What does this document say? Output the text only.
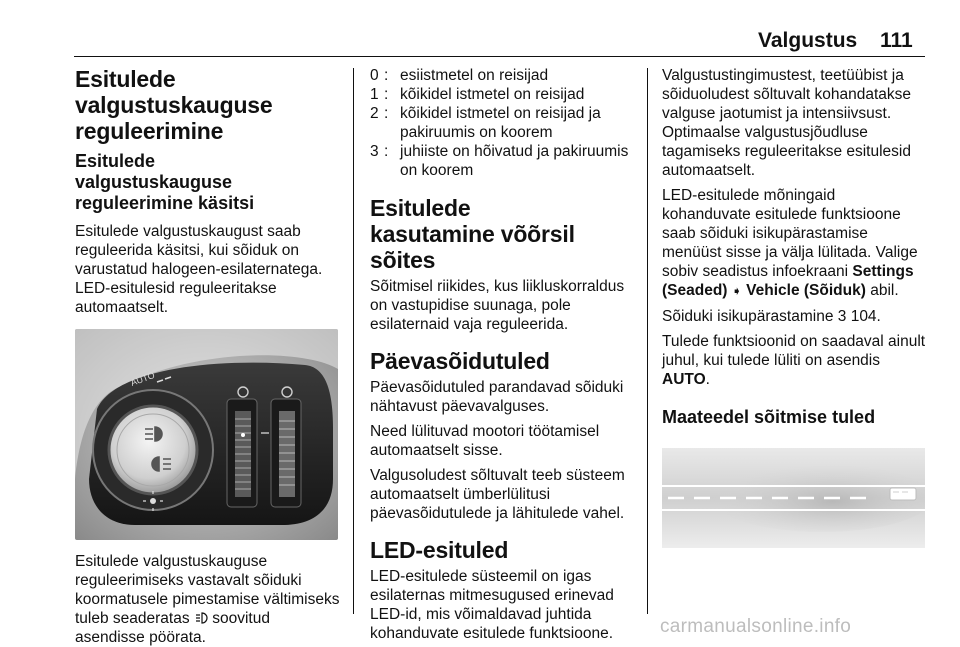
Valgustus 111
Esitulede valgustuskauguse reguleerimine
Esitulede valgustuskauguse reguleerimine käsitsi

Esitulede valgustuskaugust saab reguleerida käsitsi, kui sõiduk on varustatud halogeen-esilaternatega. LED-esitulesid reguleeritakse automaatselt.

AUTO

Esitulede valgustuskauguse reguleerimiseks vastavalt sõiduki koormatusele pimestamise vältimiseks tuleb seaderatas  soovitud asendisse pöörata.

0 : esiistmetel on reisijad
1 : kõikidel istmetel on reisijad
2 : kõikidel istmetel on reisijad ja pakiruumis on koorem
3 : juhiiste on hõivatud ja pakiruumis on koorem
Esitulede kasutamine võõrsil sõites

Sõitmisel riikides, kus liikluskorraldus on vastupidise suunaga, pole esilaternaid vaja reguleerida.

Päevasõidutuled

Päevasõidutuled parandavad sõiduki nähtavust päevavalguses.

Need lülituvad mootori töötamisel automaatselt sisse.

Valgusoludest sõltuvalt teeb süsteem automaatselt ümberlülitusi päevasõidutulede ja lähitulede vahel.

LED-esituled

LED-esitulede süsteemil on igas esilaternas mitmesugused erinevad LED-id, mis võimaldavad juhtida kohanduvate esitulede funktsioone.

Valgustustingimustest, teetüübist ja sõiduoludest sõltuvalt kohandatakse valguse jaotumist ja intensiivsust. Optimaalse valgustusjõudluse tagamiseks reguleeritakse esitulesid automaatselt.

LED-esitulede mõningaid kohanduvate esitulede funktsioone saab sõiduki isikupärastamise menüüst sisse ja välja lülitada. Valige sobiv seadistus infoekraani Settings (Seaded) ➧ Vehicle (Sõiduk) abil.

Sõiduki isikupärastamine 3 104.

Tulede funktsioonid on saadaval ainult juhul, kui tulede lüliti on asendis AUTO.

Maateedel sõitmise tuled
carmanualsonline.info
